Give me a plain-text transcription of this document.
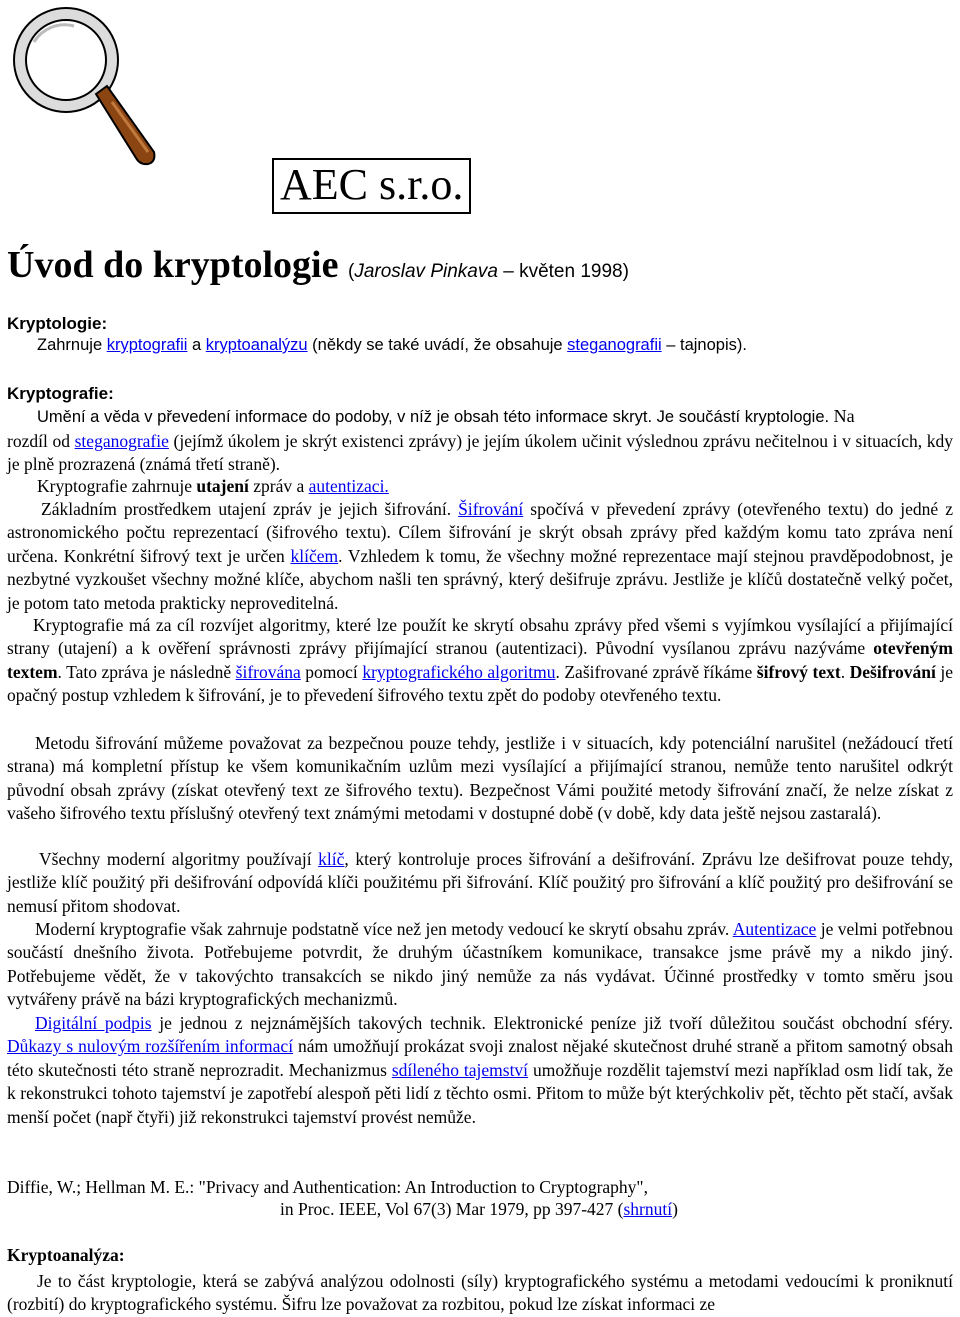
AEC s.r.o.
Úvod do kryptologie (Jaroslav Pinkava – květen 1998)
Kryptologie:
Zahrnuje kryptografii a kryptoanalýzu (někdy se také uvádí, že obsahuje steganografii – tajnopis).
Kryptografie:
Umění a věda v převedení informace do podoby, v níž je obsah této informace skryt. Je součástí kryptologie. Na
rozdíl od steganografie (jejímž úkolem je skrýt existenci zprávy) je jejím úkolem učinit výslednou zprávu nečitelnou i v situacích, kdy je plně prozrazená (známá třetí straně).
Kryptografie zahrnuje utajení zpráv a autentizaci.
Základním prostředkem utajení zpráv je jejich šifrování. Šifrování spočívá v převedení zprávy (otevřeného textu) do jedné z astronomického počtu reprezentací (šifrového textu). Cílem šifrování je skrýt obsah zprávy před každým komu tato zpráva není určena. Konkrétní šifrový text je určen klíčem. Vzhledem k tomu, že všechny možné reprezentace mají stejnou pravděpodobnost, je nezbytné vyzkoušet všechny možné klíče, abychom našli ten správný, který dešifruje zprávu. Jestliže je klíčů dostatečně velký počet, je potom tato metoda prakticky neproveditelná.
Kryptografie má za cíl rozvíjet algoritmy, které lze použít ke skrytí obsahu zprávy před všemi s vyjímkou vysílající a přijímající strany (utajení) a k ověření správnosti zprávy přijímající stranou (autentizaci). Původní vysílanou zprávu nazýváme otevřeným textem. Tato zpráva je následně šifrována pomocí kryptografického algoritmu. Zašifrované zprávě říkáme šifrový text. Dešifrování je opačný postup vzhledem k šifrování, je to převedení šifrového textu zpět do podoby otevřeného textu.
Metodu šifrování můžeme považovat za bezpečnou pouze tehdy, jestliže i v situacích, kdy potenciální narušitel (nežádoucí třetí strana) má kompletní přístup ke všem komunikačním uzlům mezi vysílající a přijímající stranou, nemůže tento narušitel odkrýt původní obsah zprávy (získat otevřený text ze šifrového textu). Bezpečnost Vámi použité metody šifrování značí, že nelze získat z vašeho šifrového textu příslušný otevřený text známými metodami v dostupné době (v době, kdy data ještě nejsou zastaralá).
Všechny moderní algoritmy používají klíč, který kontroluje proces šifrování a dešifrování. Zprávu lze dešifrovat pouze tehdy, jestliže klíč použitý při dešifrování odpovídá klíči použitému při šifrování. Klíč použitý pro šifrování a klíč použitý pro dešifrování se nemusí přitom shodovat.
Moderní kryptografie však zahrnuje podstatně více než jen metody vedoucí ke skrytí obsahu zpráv. Autentizace je velmi potřebnou součástí dnešního života. Potřebujeme potvrdit, že druhým účastníkem komunikace, transakce jsme právě my a nikdo jiný. Potřebujeme vědět, že v takovýchto transakcích se nikdo jiný nemůže za nás vydávat. Účinné prostředky v tomto směru jsou vytvářeny právě na bázi kryptografických mechanizmů.
Digitální podpis je jednou z nejznámějších takových technik. Elektronické peníze již tvoří důležitou součást obchodní sféry. Důkazy s nulovým rozšířením informací nám umožňují prokázat svoji znalost nějaké skutečnost druhé straně a přitom samotný obsah této skutečnosti této straně neprozradit. Mechanizmus sdíleného tajemství umožňuje rozdělit tajemství mezi například osm lidí tak, že k rekonstrukci tohoto tajemství je zapotřebí alespoň pěti lidí z těchto osmi. Přitom to může být kterýchkoliv pět, těchto pět stačí, avšak menší počet (např čtyři) již rekonstrukci tajemství provést nemůže.
Diffie, W.; Hellman M. E.: "Privacy and Authentication: An Introduction to Cryptography",
in Proc. IEEE, Vol 67(3) Mar 1979, pp 397-427 (shrnutí)
Kryptoanalýza:
Je to část kryptologie, která se zabývá analýzou odolnosti (síly) kryptografického systému a metodami vedoucími k proniknutí (rozbití) do kryptografického systému. Šifru lze považovat za rozbitou, pokud lze získat informaci ze
